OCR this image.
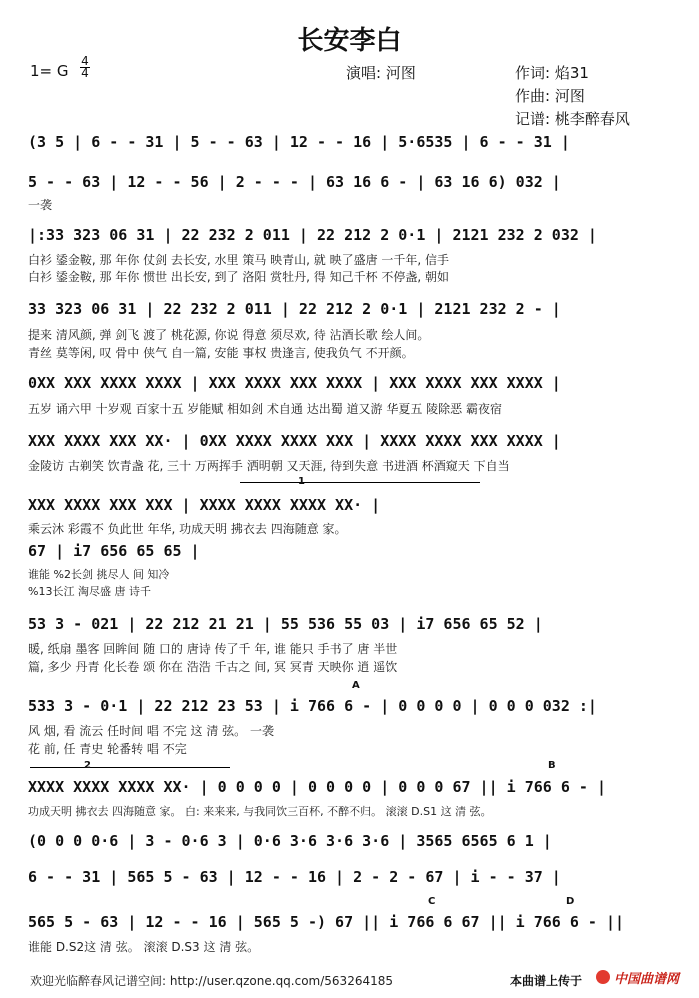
长安李白
1= G
4
4	演唱: 河图	作词: 焰31
作曲: 河图
记谱: 桃李醉春风
(3 5 | 6 - - 31 | 5 - - 63 | 12 - - 16 | 5·6535 | 6 - - 31 |
5 - - 63 | 12 - - 56 | 2 - - - | 63 16 6 - | 63 16 6) 032 |
一袭
|:33 323 06 31 | 22 232 2 011 | 22 212 2 0·1 | 2121 232 2 032 |
白衫 鋈金鞍, 那 年你 仗剑 去长安, 水里 策马 映青山, 就 映了盛唐 一千年, 信手
白衫 鋈金鞍, 那 年你 惯世 出长安, 到了 洛阳 赏牡丹, 得 知己千杯 不停盏, 朝如
33 323 06 31 | 22 232 2 011 | 22 212 2 0·1 | 2121 232 2 - |
提来 清风颜, 弹 剑飞 渡了 桃花源, 你说 得意 须尽欢, 待 沾酒长歌 绘人间。
青丝 莫等闲, 叹 骨中 侠气 自一篇, 安能 事权 贵逢言, 使我负气 不开颜。
0XX XXX XXXX XXXX | XXX XXXX XXX XXXX | XXX XXXX XXX XXXX |
五岁 诵六甲 十岁观 百家十五 岁能赋 相如剑 术自通 达出蜀 道又游 华夏五 陵除恶 霸夜宿
XXX XXXX XXX XX· | 0XX XXXX XXXX XXX | XXXX XXXX XXX XXXX |
金陵访 古剃笑 饮青盏 花, 三十 万两挥手 洒明朝 又天涯, 待到失意 书进酒 杯酒窥天 下自当
1
XXX XXXX XXX XXX | XXXX XXXX XXXX XX· |
乘云沐 彩霞不 负此世 年华, 功成天明 拂衣去 四海随意 家。
67 | i7 656 65 65 |
谁能 %2长剑 挑尽人 间 知冷
%13长江 淘尽盛 唐 诗千
53 3 - 021 | 22 212 21 21 | 55 536 55 03 | i7 656 65 52 |
暖, 纸扇 墨客 回眸间 随 口的 唐诗 传了千 年, 谁 能只 手书了 唐 半世
篇, 多少 丹青 化长卷 颂 你在 浩浩 千古之 间, 冥 冥青 天映你 逍 遥饮
A
533 3 - 0·1 | 22 212 23 53 | i 766 6 - | 0 0 0 0 | 0 0 0 032 :|
风 烟, 看 流云 任时间 唱 不完 这 清 弦。 一袭
花 前, 任 青史 轮番转 唱 不完
2	B
XXXX XXXX XXXX XX· | 0 0 0 0 | 0 0 0 0 | 0 0 0 67 || i 766 6 - |
功成天明 拂衣去 四海随意 家。 白: 来来来, 与我同饮三百杯, 不醉不归。 滚滚 D.S1 这 清 弦。
(0 0 0 0·6 | 3 - 0·6 3 | 0·6 3·6 3·6 3·6 | 3565 6565 6 1 |
6 - - 31 | 565 5 - 63 | 12 - - 16 | 2 - 2 - 67 | i - - 37 |
C	D
565 5 - 63 | 12 - - 16 | 565 5 -) 67 || i 766 6 67 || i 766 6 - ||
谁能 D.S2这 清 弦。 滚滚 D.S3 这 清 弦。
欢迎光临醉春风记谱空间: http://user.qzone.qq.com/563264185	本曲谱上传于 中国曲谱网
